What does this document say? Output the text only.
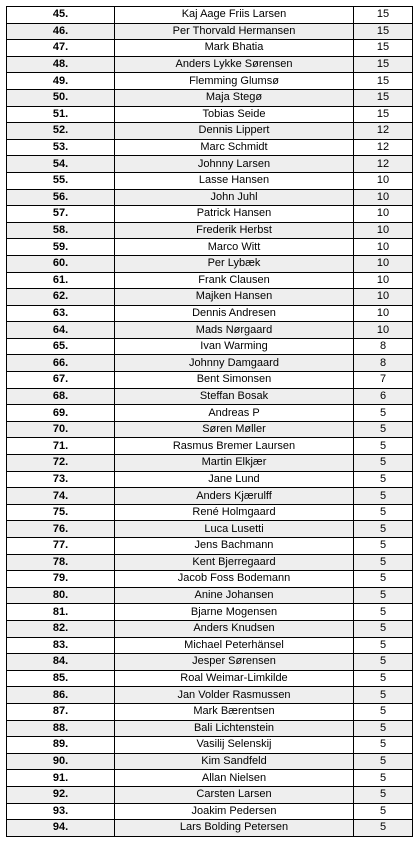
45.	Kaj Aage Friis Larsen	15
46.	Per Thorvald Hermansen	15
47.	Mark Bhatia	15
48.	Anders Lykke Sørensen	15
49.	Flemming Glumsø	15
50.	Maja Stegø	15
51.	Tobias Seide	15
52.	Dennis Lippert	12
53.	Marc Schmidt	12
54.	Johnny Larsen	12
55.	Lasse Hansen	10
56.	John Juhl	10
57.	Patrick Hansen	10
58.	Frederik Herbst	10
59.	Marco Witt	10
60.	Per Lybæk	10
61.	Frank Clausen	10
62.	Majken Hansen	10
63.	Dennis Andresen	10
64.	Mads Nørgaard	10
65.	Ivan Warming	8
66.	Johnny Damgaard	8
67.	Bent Simonsen	7
68.	Steffan Bosak	6
69.	Andreas P	5
70.	Søren Møller	5
71.	Rasmus Bremer Laursen	5
72.	Martin Elkjær	5
73.	Jane Lund	5
74.	Anders Kjærulff	5
75.	René Holmgaard	5
76.	Luca Lusetti	5
77.	Jens Bachmann	5
78.	Kent Bjerregaard	5
79.	Jacob Foss Bodemann	5
80.	Anine Johansen	5
81.	Bjarne Mogensen	5
82.	Anders Knudsen	5
83.	Michael Peterhänsel	5
84.	Jesper Sørensen	5
85.	Roal Weimar-Limkilde	5
86.	Jan Volder Rasmussen	5
87.	Mark Bærentsen	5
88.	Bali Lichtenstein	5
89.	Vasilij Selenskij	5
90.	Kim Sandfeld	5
91.	Allan Nielsen	5
92.	Carsten Larsen	5
93.	Joakim Pedersen	5
94.	Lars Bolding Petersen	5
